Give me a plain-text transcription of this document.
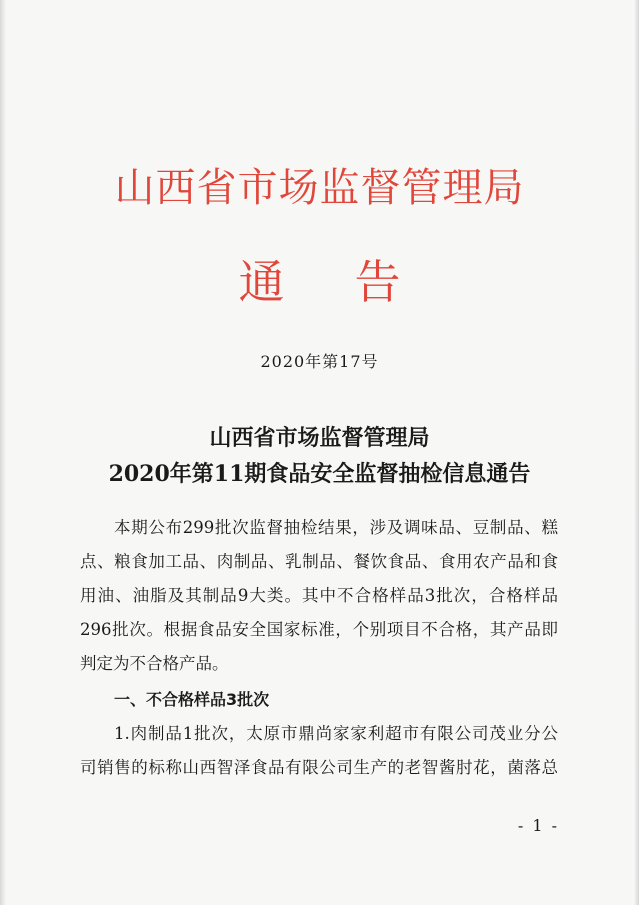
山西省市场监督管理局
通 告
2020年第17号
山西省市场监督管理局
2020年第11期食品安全监督抽检信息通告
本期公布299批次监督抽检结果，涉及调味品、豆制品、糕
点、粮食加工品、肉制品、乳制品、餐饮食品、食用农产品和食
用油、油脂及其制品9大类。其中不合格样品3批次，合格样品
296批次。根据食品安全国家标准，个别项目不合格，其产品即
判定为不合格产品。
一、不合格样品3批次
1.肉制品1批次，太原市鼎尚家家利超市有限公司茂业分公
司销售的标称山西智泽食品有限公司生产的老智酱肘花，菌落总
- 1 -
